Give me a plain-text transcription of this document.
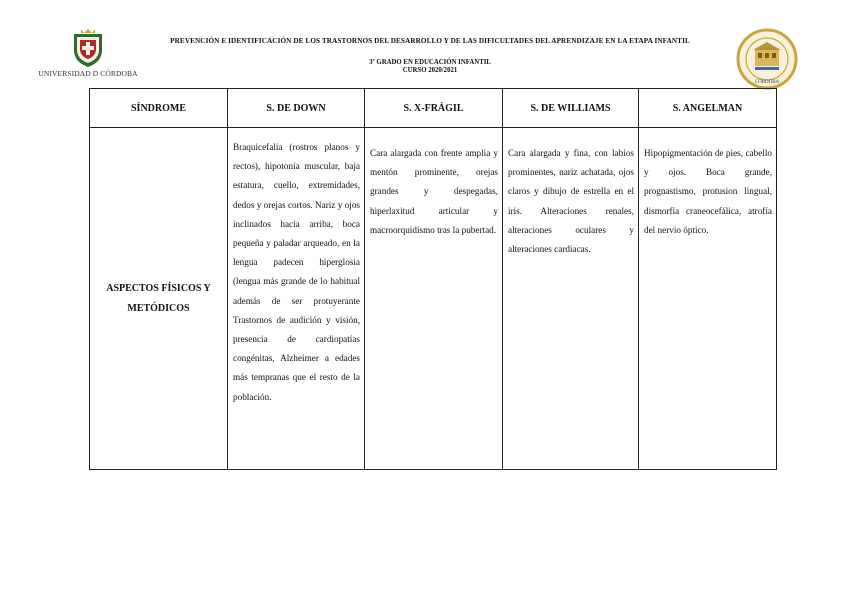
UNIVERSIDAD D CÓRDOBA
CÓRDOBA
PREVENCIÓN E IDENTIFICACIÓN DE LOS TRASTORNOS DEL DESARROLLO Y DE LAS DIFICULTADES DEL APRENDIZAJE EN LA ETAPA INFANTIL
3º GRADO EN EDUCACIÓN INFANTIL
CURSO 2020/2021
SÍNDROME	S. DE DOWN	S. X-FRÁGIL	S. DE WILLIAMS	S. ANGELMAN

ASPECTOS FÍSICOS Y METÓDICOS	Braquicefalia (rostros planos y rectos), hipotonía muscular, baja estatura, cuello, extremidades, dedos y orejas cortos. Nariz y ojos inclinados hacia arriba, boca pequeña y paladar arqueado, en la lengua padecen hiperglosia (lengua más grande de lo habitual además de ser protuyerante Trastornos de audición y visión, presencia de cardiopatías congénitas, Alzheimer a edades más tempranas que el resto de la población.	Cara alargada con frente amplia y mentón prominente, orejas grandes y despegadas, hiperlaxitud articular y macroorquidismo tras la pubertad.	Cara alargada y fina, con labios prominentes, nariz achatada, ojos claros y dibujo de estrella en el iris. Alteraciones renales, alteraciones oculares y alteraciones cardiacas.	Hipopigmentación de pies, cabello y ojos. Boca grande, prognastismo, protusion lingual, dismorfía craneocefálica, atrofía del nervio óptico.
